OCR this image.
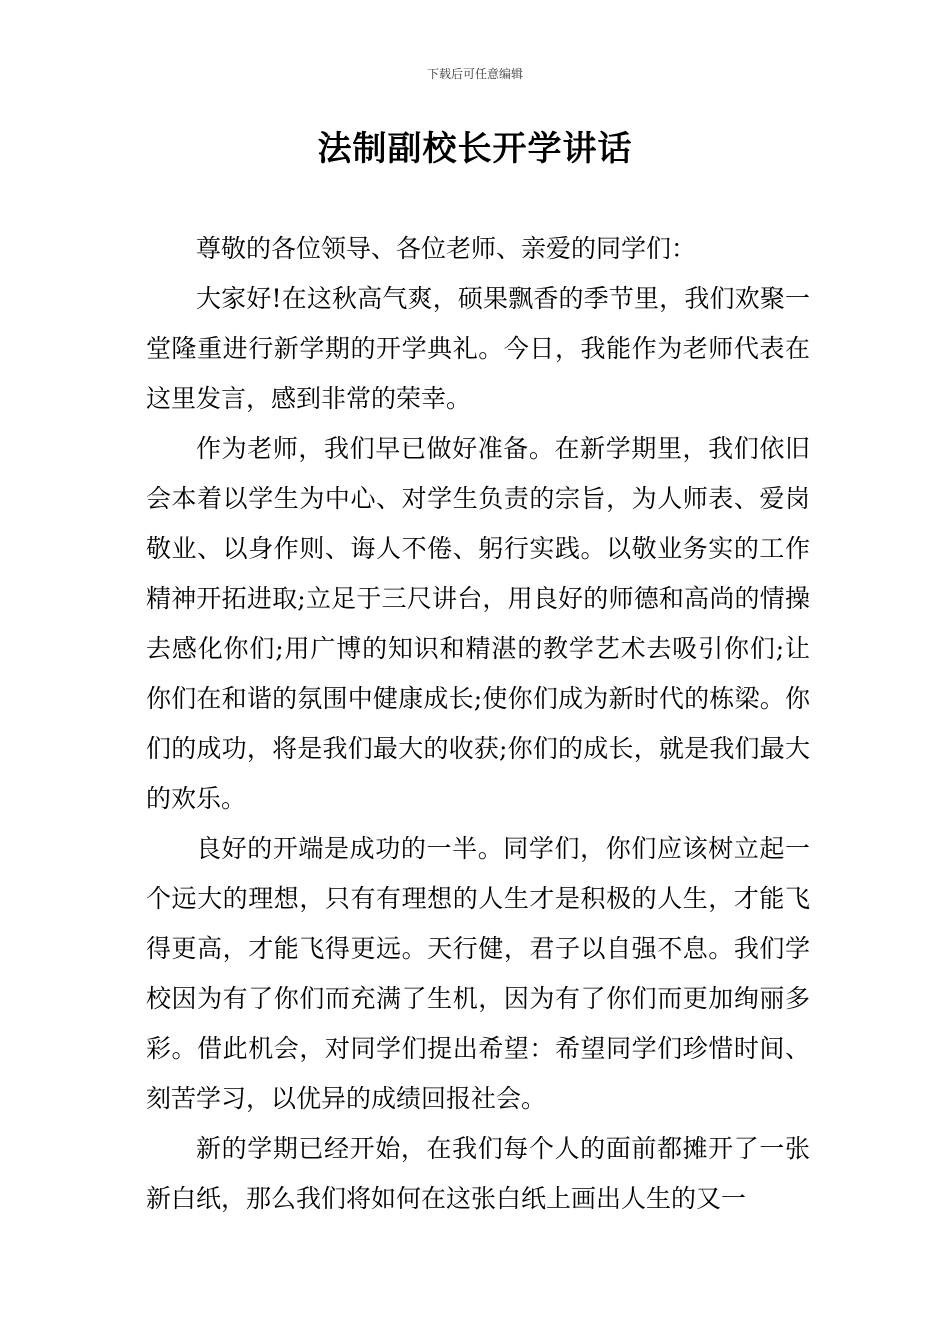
下载后可任意编辑
法制副校长开学讲话

尊敬的各位领导、各位老师、亲爱的同学们：

大家好!在这秋高气爽，硕果飘香的季节里，我们欢聚一堂隆重进行新学期的开学典礼。今日，我能作为老师代表在这里发言，感到非常的荣幸。

作为老师，我们早已做好准备。在新学期里，我们依旧会本着以学生为中心、对学生负责的宗旨，为人师表、爱岗敬业、以身作则、诲人不倦、躬行实践。以敬业务实的工作精神开拓进取;立足于三尺讲台，用良好的师德和高尚的情操去感化你们;用广博的知识和精湛的教学艺术去吸引你们;让你们在和谐的氛围中健康成长;使你们成为新时代的栋梁。你们的成功，将是我们最大的收获;你们的成长，就是我们最大的欢乐。

良好的开端是成功的一半。同学们，你们应该树立起一个远大的理想，只有有理想的人生才是积极的人生，才能飞得更高，才能飞得更远。天行健，君子以自强不息。我们学校因为有了你们而充满了生机，因为有了你们而更加绚丽多彩。借此机会，对同学们提出希望：希望同学们珍惜时间、刻苦学习，以优异的成绩回报社会。

新的学期已经开始，在我们每个人的面前都摊开了一张新白纸，那么我们将如何在这张白纸上画出人生的又一
